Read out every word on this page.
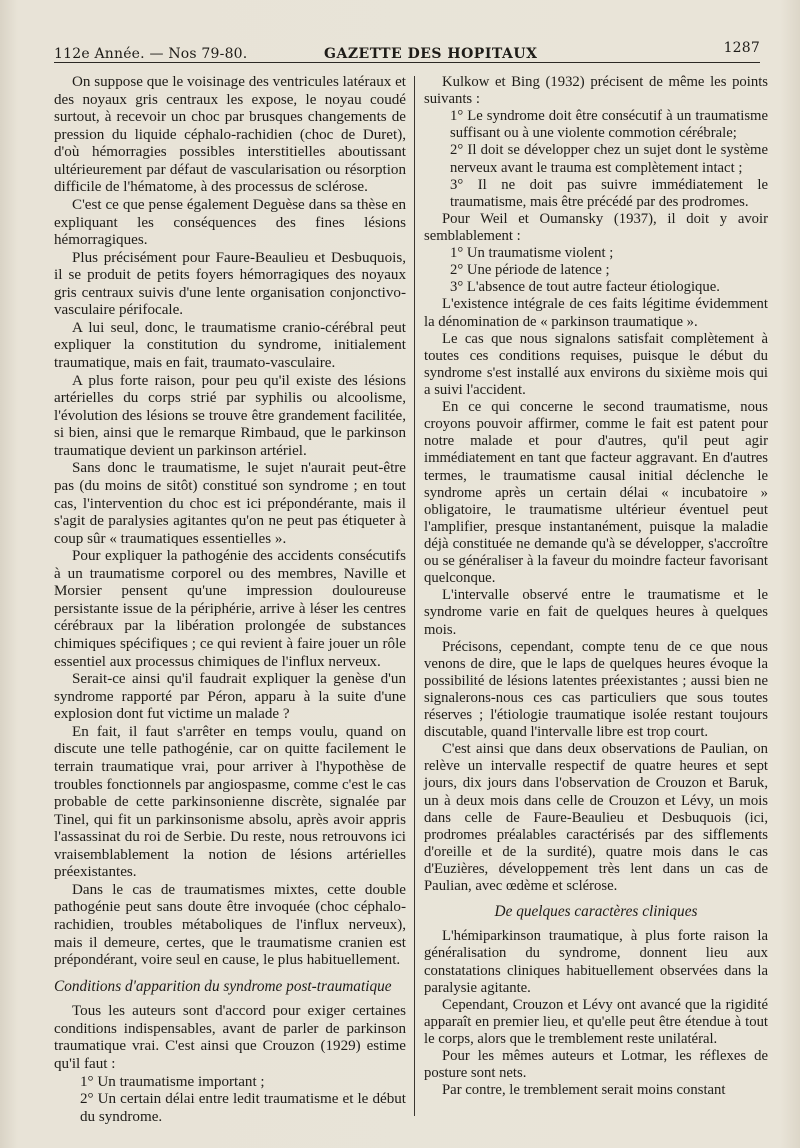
112e Année. — Nos 79-80.	GAZETTE DES HOPITAUX	1287

On suppose que le voisinage des ventricules latéraux et des noyaux gris centraux les expose, le noyau coudé surtout, à recevoir un choc par brusques changements de pression du liquide céphalo-rachidien (choc de Duret), d'où hémorragies possibles interstitielles aboutissant ultérieurement par défaut de vascularisation ou résorption difficile de l'hématome, à des processus de sclérose.

C'est ce que pense également Deguèse dans sa thèse en expliquant les conséquences des fines lésions hémorragiques.

Plus précisément pour Faure-Beaulieu et Desbuquois, il se produit de petits foyers hémorragiques des noyaux gris centraux suivis d'une lente organisation conjonctivo-vasculaire périfocale.

A lui seul, donc, le traumatisme cranio-cérébral peut expliquer la constitution du syndrome, initialement traumatique, mais en fait, traumato-vasculaire.

A plus forte raison, pour peu qu'il existe des lésions artérielles du corps strié par syphilis ou alcoolisme, l'évolution des lésions se trouve être grandement facilitée, si bien, ainsi que le remarque Rimbaud, que le parkinson traumatique devient un parkinson artériel.

Sans donc le traumatisme, le sujet n'aurait peut-être pas (du moins de sitôt) constitué son syndrome ; en tout cas, l'intervention du choc est ici prépondérante, mais il s'agit de paralysies agitantes qu'on ne peut pas étiqueter à coup sûr « traumatiques essentielles ».

Pour expliquer la pathogénie des accidents consécutifs à un traumatisme corporel ou des membres, Naville et Morsier pensent qu'une impression douloureuse persistante issue de la périphérie, arrive à léser les centres cérébraux par la libération prolongée de substances chimiques spécifiques ; ce qui revient à faire jouer un rôle essentiel aux processus chimiques de l'influx nerveux.

Serait-ce ainsi qu'il faudrait expliquer la genèse d'un syndrome rapporté par Péron, apparu à la suite d'une explosion dont fut victime un malade ?

En fait, il faut s'arrêter en temps voulu, quand on discute une telle pathogénie, car on quitte facilement le terrain traumatique vrai, pour arriver à l'hypothèse de troubles fonctionnels par angiospasme, comme c'est le cas probable de cette parkinsonienne discrète, signalée par Tinel, qui fit un parkinsonisme absolu, après avoir appris l'assassinat du roi de Serbie. Du reste, nous retrouvons ici vraisemblablement la notion de lésions artérielles préexistantes.

Dans le cas de traumatismes mixtes, cette double pathogénie peut sans doute être invoquée (choc céphalo-rachidien, troubles métaboliques de l'influx nerveux), mais il demeure, certes, que le traumatisme cranien est prépondérant, voire seul en cause, le plus habituellement.

Conditions d'apparition du syndrome post-traumatique

Tous les auteurs sont d'accord pour exiger certaines conditions indispensables, avant de parler de parkinson traumatique vrai. C'est ainsi que Crouzon (1929) estime qu'il faut :

1° Un traumatisme important ;

2° Un certain délai entre ledit traumatisme et le début du syndrome.

Kulkow et Bing (1932) précisent de même les points suivants :

1° Le syndrome doit être consécutif à un traumatisme suffisant ou à une violente commotion cérébrale;

2° Il doit se développer chez un sujet dont le système nerveux avant le trauma est complètement intact ;

3° Il ne doit pas suivre immédiatement le traumatisme, mais être précédé par des prodromes.

Pour Weil et Oumansky (1937), il doit y avoir semblablement :

1° Un traumatisme violent ;

2° Une période de latence ;

3° L'absence de tout autre facteur étiologique.

L'existence intégrale de ces faits légitime évidemment la dénomination de « parkinson traumatique ».

Le cas que nous signalons satisfait complètement à toutes ces conditions requises, puisque le début du syndrome s'est installé aux environs du sixième mois qui a suivi l'accident.

En ce qui concerne le second traumatisme, nous croyons pouvoir affirmer, comme le fait est patent pour notre malade et pour d'autres, qu'il peut agir immédiatement en tant que facteur aggravant. En d'autres termes, le traumatisme causal initial déclenche le syndrome après un certain délai « incubatoire » obligatoire, le traumatisme ultérieur éventuel peut l'amplifier, presque instantanément, puisque la maladie déjà constituée ne demande qu'à se développer, s'accroître ou se généraliser à la faveur du moindre facteur favorisant quelconque.

L'intervalle observé entre le traumatisme et le syndrome varie en fait de quelques heures à quelques mois.

Précisons, cependant, compte tenu de ce que nous venons de dire, que le laps de quelques heures évoque la possibilité de lésions latentes préexistantes ; aussi bien ne signalerons-nous ces cas particuliers que sous toutes réserves ; l'étiologie traumatique isolée restant toujours discutable, quand l'intervalle libre est trop court.

C'est ainsi que dans deux observations de Paulian, on relève un intervalle respectif de quatre heures et sept jours, dix jours dans l'observation de Crouzon et Baruk, un à deux mois dans celle de Crouzon et Lévy, un mois dans celle de Faure-Beaulieu et Desbuquois (ici, prodromes préalables caractérisés par des sifflements d'oreille et de la surdité), quatre mois dans le cas d'Euzières, développement très lent dans un cas de Paulian, avec œdème et sclérose.

De quelques caractères cliniques

L'hémiparkinson traumatique, à plus forte raison la généralisation du syndrome, donnent lieu aux constatations cliniques habituellement observées dans la paralysie agitante.

Cependant, Crouzon et Lévy ont avancé que la rigidité apparaît en premier lieu, et qu'elle peut être étendue à tout le corps, alors que le tremblement reste unilatéral.

Pour les mêmes auteurs et Lotmar, les réflexes de posture sont nets.

Par contre, le tremblement serait moins constant
